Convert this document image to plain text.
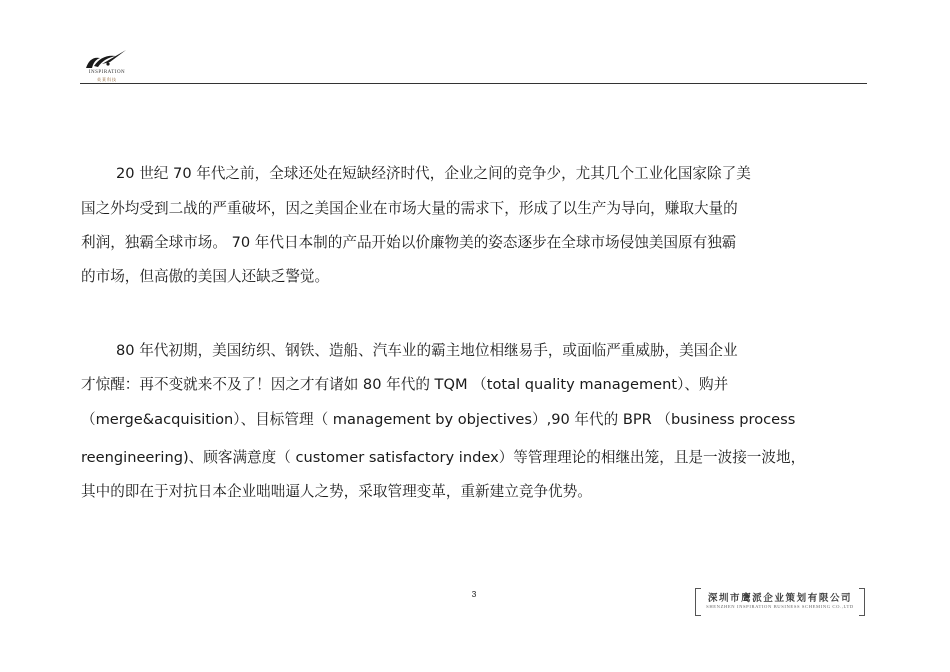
INSPIRATION
英莱科技
20 世纪 70 年代之前，全球还处在短缺经济时代，企业之间的竞争少，尤其几个工业化国家除了美
国之外均受到二战的严重破坏，因之美国企业在市场大量的需求下，形成了以生产为导向，赚取大量的
利润，独霸全球市场。 70 年代日本制的产品开始以价廉物美的姿态逐步在全球市场侵蚀美国原有独霸
的市场，但高傲的美国人还缺乏警觉。
80 年代初期，美国纺织、钢铁、造船、汽车业的霸主地位相继易手，或面临严重威胁，美国企业
才惊醒：再不变就来不及了！因之才有诸如 80 年代的 TQM （total quality management）、购并
（merge&acquisition）、目标管理（ management by objectives）,90 年代的 BPR （business process
reengineering)、顾客满意度（ customer satisfactory index）等管理理论的相继出笼，且是一波接一波地，
其中的即在于对抗日本企业咄咄逼人之势，采取管理变革，重新建立竞争优势。
3	深圳市鹰派企业策划有限公司
SHENZHEN INSPIRATION BUSINESS SCHEMING CO.,LTD
